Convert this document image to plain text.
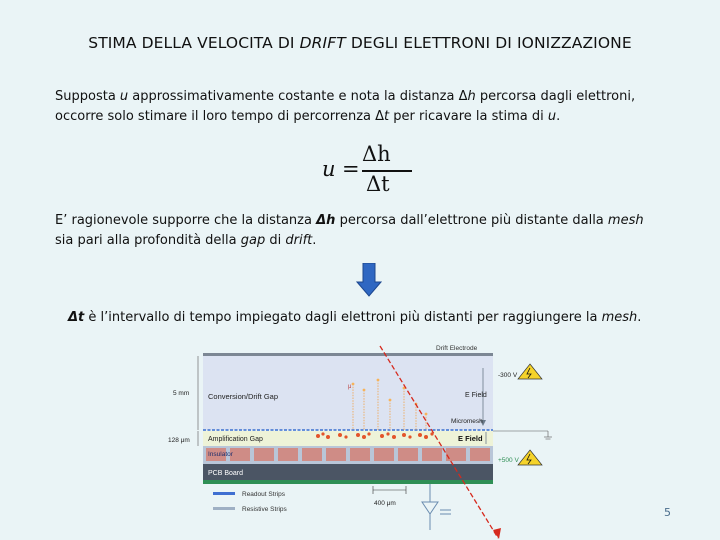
STIMA DELLA VELOCITA DI DRIFT DEGLI ELETTRONI DI IONIZZAZIONE
Supposta u approssimativamente costante e nota la distanza Δh percorsa dagli elettroni,
occorre solo stimare il loro tempo di percorrenza Δt per ricavare la stima di u.
u =
Δh
Δt
E’ ragionevole supporre che la distanza Δh percorsa dall’elettrone più distante dalla mesh
sia pari alla profondità della gap di drift.
Δt è l’intervallo di tempo impiegato dagli elettroni più distanti per raggiungere la mesh.
Drift Electrode
Conversion/Drift Gap	E Field
Micromesh
Amplification Gap	E Field
Insulator
PCB Board
5 mm
128 μm
Readout Strips
Resistive Strips
400 μm
-300 V
+500 V
μ
5
